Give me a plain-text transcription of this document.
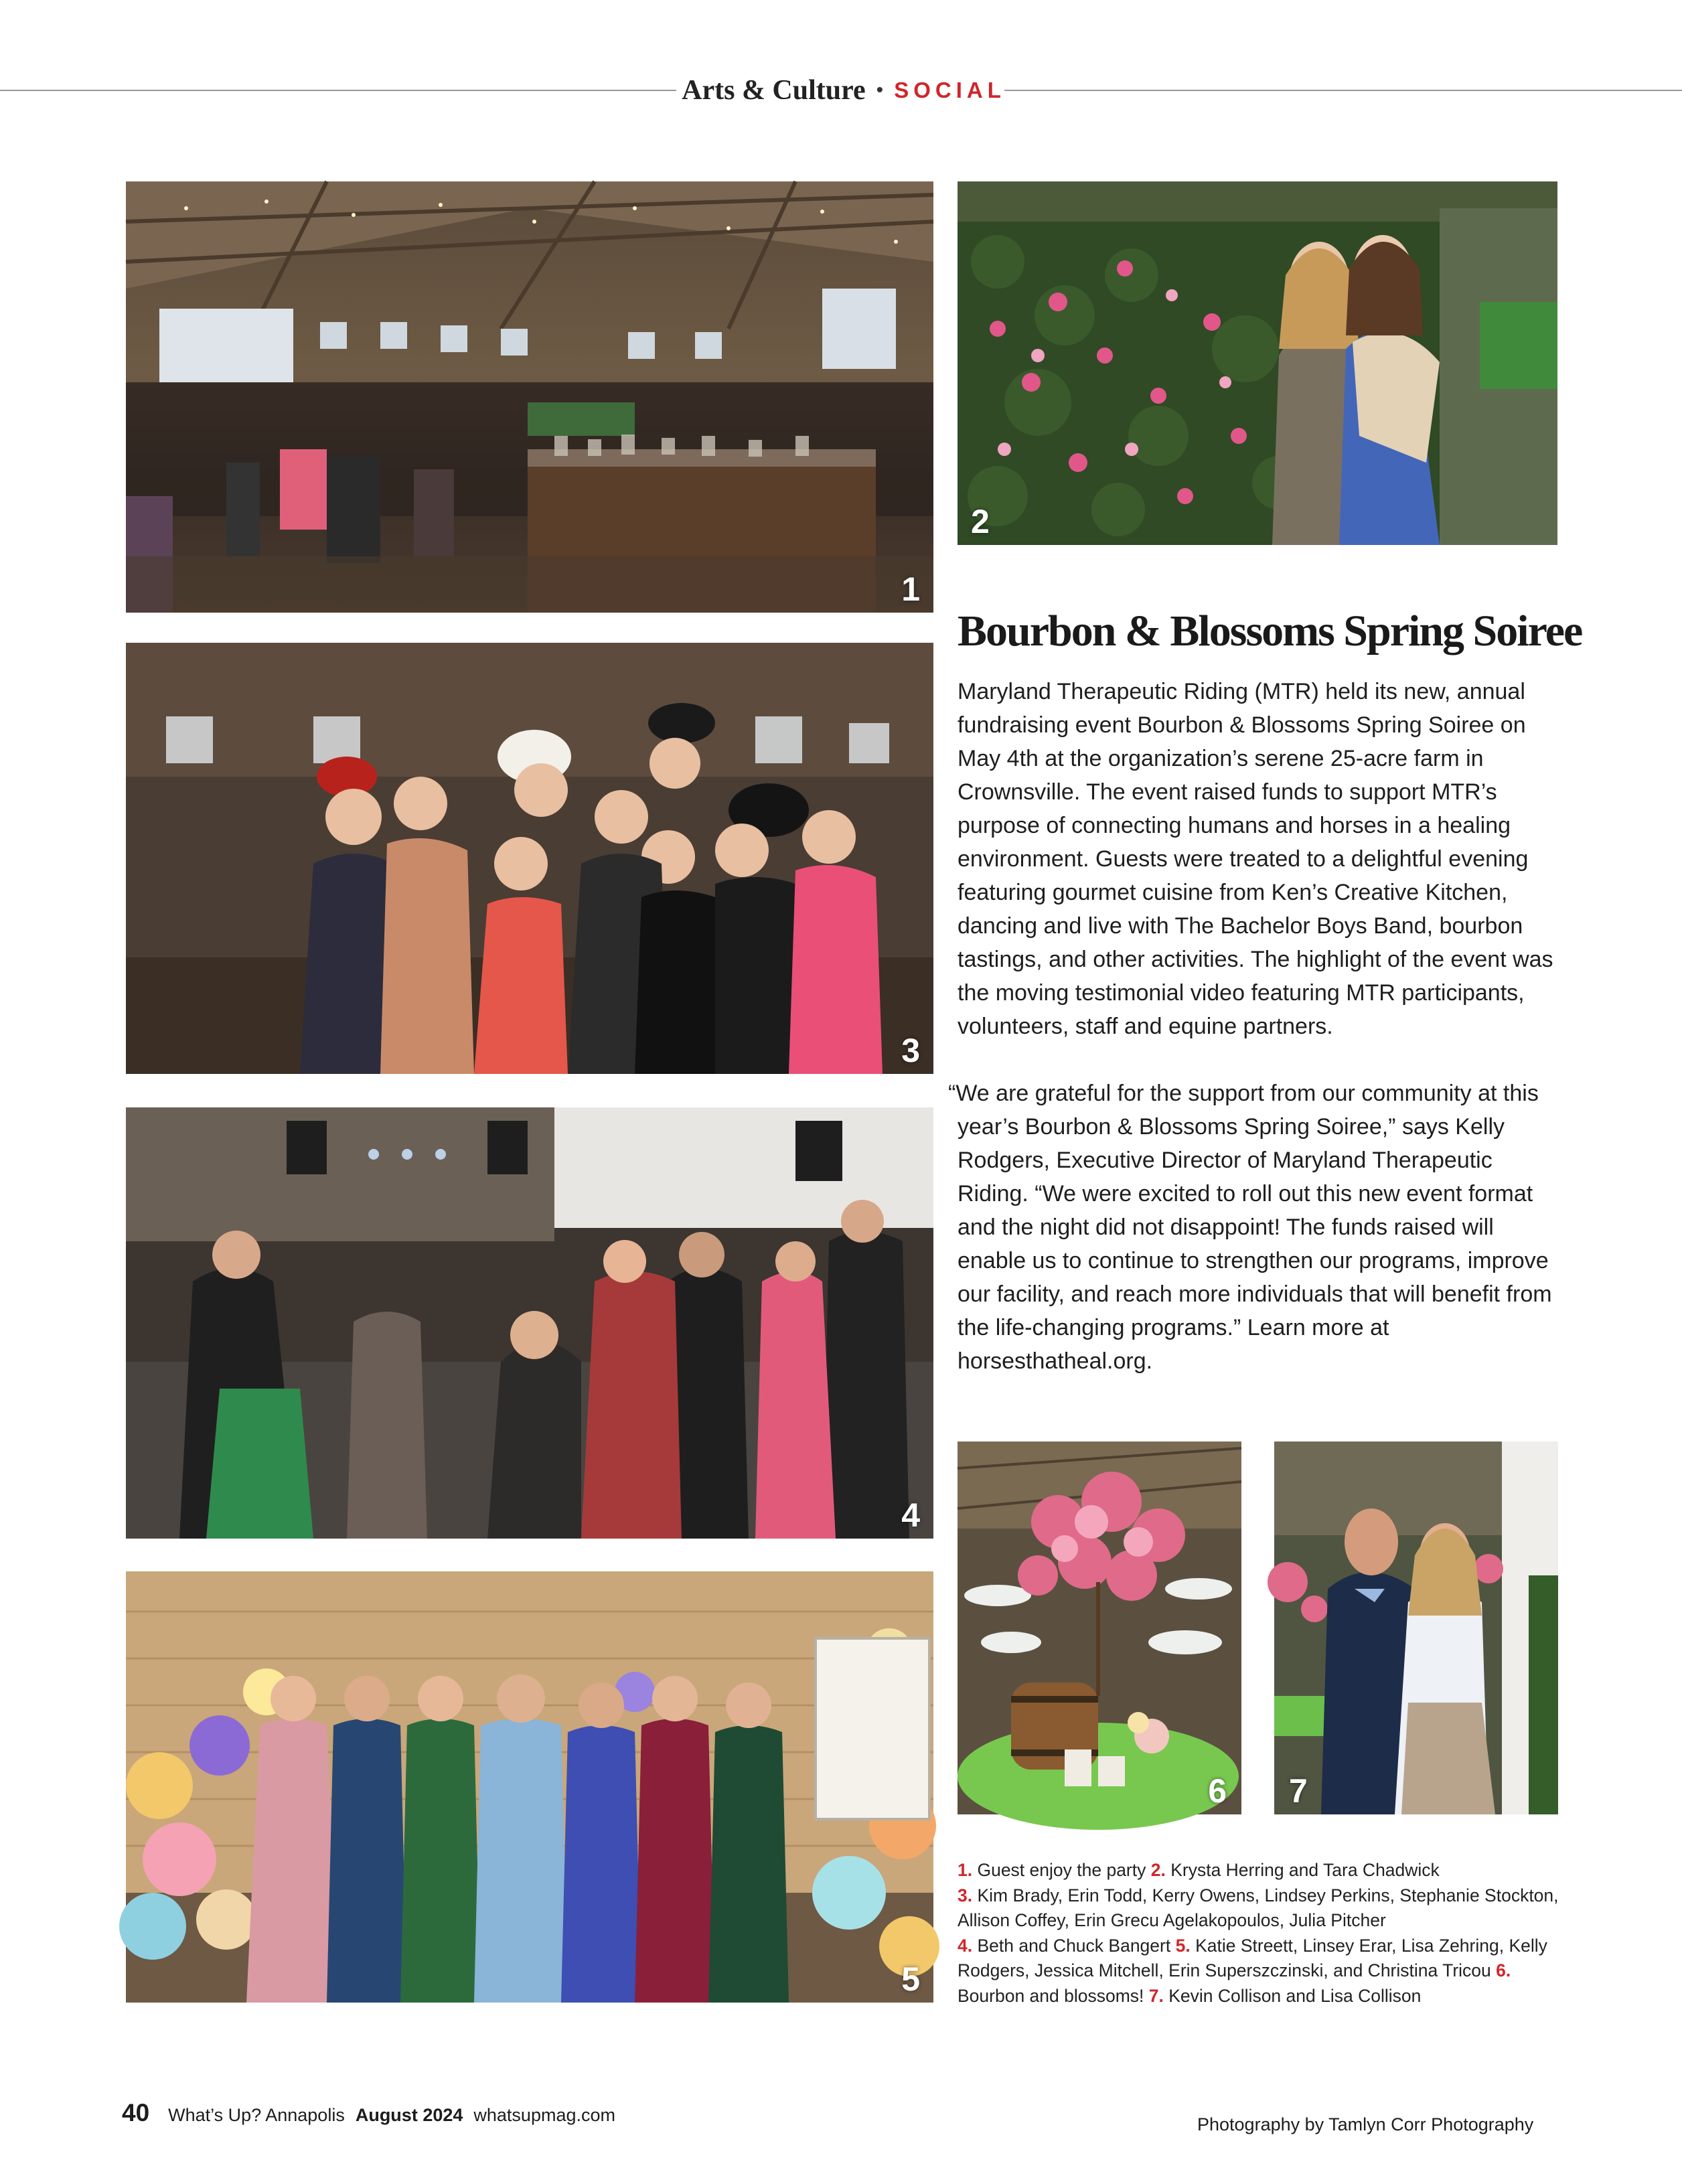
Arts & Culture • SOCIAL
1
2
3
4
5
Bourbon & Blossoms Spring Soiree

Maryland Therapeutic Riding (MTR) held its new, annual fundraising event Bourbon & Blossoms Spring Soiree on May 4th at the organization’s serene 25-acre farm in Crownsville. The event raised funds to support MTR’s purpose of connecting humans and horses in a healing environment. Guests were treated to a delightful evening featuring gourmet cuisine from Ken’s Creative Kitchen, dancing and live with The Bachelor Boys Band, bourbon tastings, and other activities. The highlight of the event was the moving testimonial video featuring MTR participants, volunteers, staff and equine partners.

“We are grateful for the support from our community at this year’s Bourbon & Blossoms Spring Soiree,” says Kelly Rodgers, Executive Director of Maryland Therapeutic Riding. “We were excited to roll out this new event format and the night did not disappoint! The funds raised will enable us to continue to strengthen our programs, improve our facility, and reach more individuals that will benefit from the life-changing programs.” Learn more at horsesthatheal.org.

6 7

1. Guest enjoy the party 2. Krysta Herring and Tara Chadwick
3. Kim Brady, Erin Todd, Kerry Owens, Lindsey Perkins, Stephanie Stockton, Allison Coffey, Erin Grecu Agelakopoulos, Julia Pitcher
4. Beth and Chuck Bangert 5. Katie Streett, Linsey Erar, Lisa Zehring, Kelly Rodgers, Jessica Mitchell, Erin Superszczinski, and Christina Tricou 6. Bourbon and blossoms! 7. Kevin Collison and Lisa Collison

40 What’s Up? Annapolis August 2024 whatsupmag.com	Photography by Tamlyn Corr Photography
